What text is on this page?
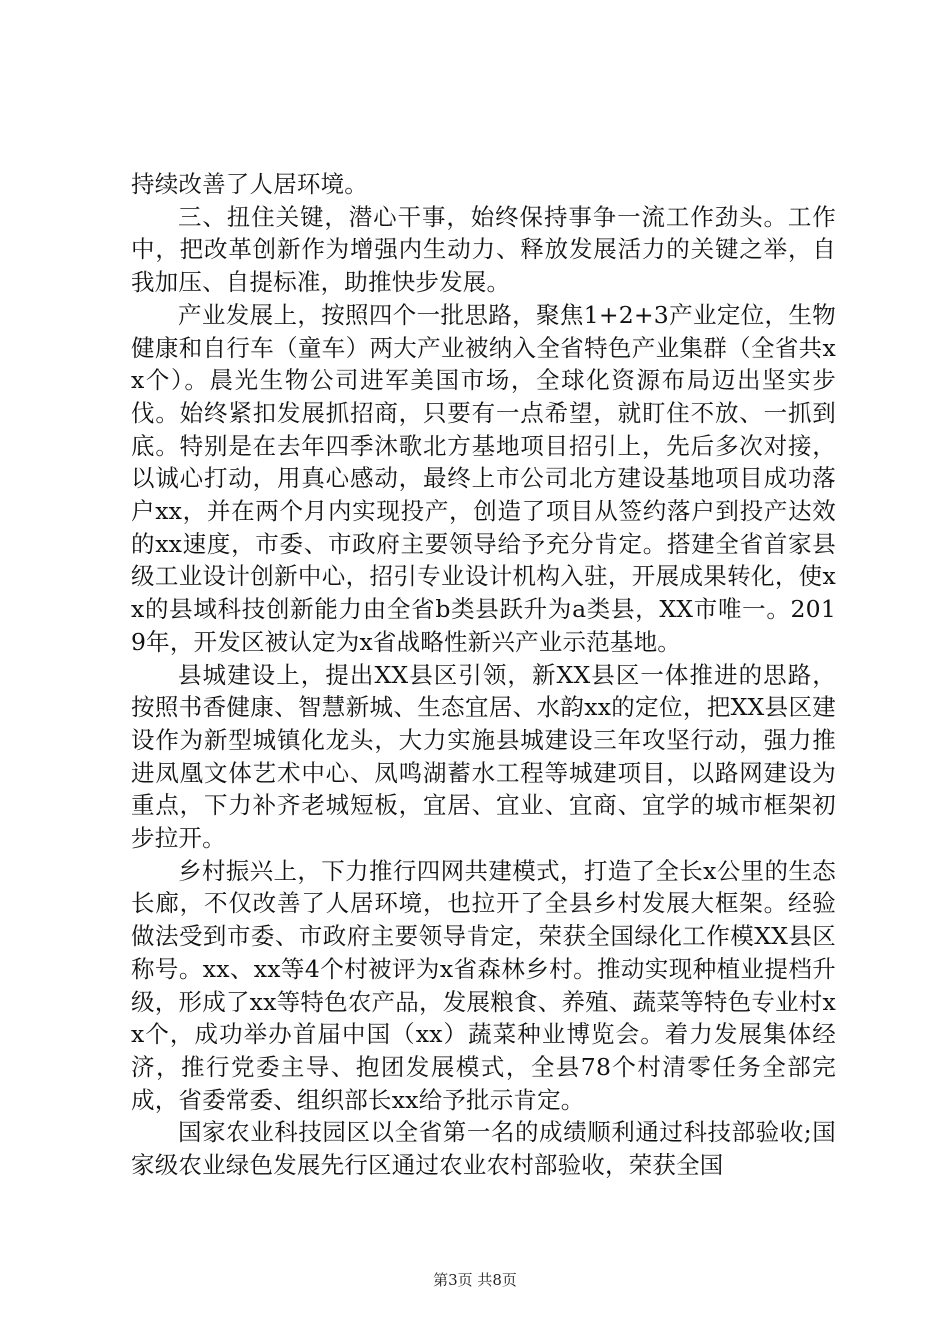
持续改善了人居环境。

三、扭住关键，潜心干事，始终保持事争一流工作劲头。工作中，把改革创新作为增强内生动力、释放发展活力的关键之举，自我加压、自提标准，助推快步发展。

产业发展上，按照四个一批思路，聚焦1+2+3产业定位，生物健康和自行车（童车）两大产业被纳入全省特色产业集群（全省共xx个）。晨光生物公司进军美国市场，全球化资源布局迈出坚实步伐。始终紧扣发展抓招商，只要有一点希望，就盯住不放、一抓到底。特别是在去年四季沐歌北方基地项目招引上，先后多次对接，以诚心打动，用真心感动，最终上市公司北方建设基地项目成功落户xx，并在两个月内实现投产，创造了项目从签约落户到投产达效的xx速度，市委、市政府主要领导给予充分肯定。搭建全省首家县级工业设计创新中心，招引专业设计机构入驻，开展成果转化，使xx的县域科技创新能力由全省b类县跃升为a类县，XX市唯一。2019年，开发区被认定为x省战略性新兴产业示范基地。

县城建设上，提出XX县区引领，新XX县区一体推进的思路，按照书香健康、智慧新城、生态宜居、水韵xx的定位，把XX县区建设作为新型城镇化龙头，大力实施县城建设三年攻坚行动，强力推进凤凰文体艺术中心、凤鸣湖蓄水工程等城建项目，以路网建设为重点，下力补齐老城短板，宜居、宜业、宜商、宜学的城市框架初步拉开。

乡村振兴上，下力推行四网共建模式，打造了全长x公里的生态长廊，不仅改善了人居环境，也拉开了全县乡村发展大框架。经验做法受到市委、市政府主要领导肯定，荣获全国绿化工作模XX县区称号。xx、xx等4个村被评为x省森林乡村。推动实现种植业提档升级，形成了xx等特色农产品，发展粮食、养殖、蔬菜等特色专业村xx个，成功举办首届中国（xx）蔬菜种业博览会。着力发展集体经济，推行党委主导、抱团发展模式，全县78个村清零任务全部完成，省委常委、组织部长xx给予批示肯定。

国家农业科技园区以全省第一名的成绩顺利通过科技部验收;国家级农业绿色发展先行区通过农业农村部验收，荣获全国

第3页 共8页
